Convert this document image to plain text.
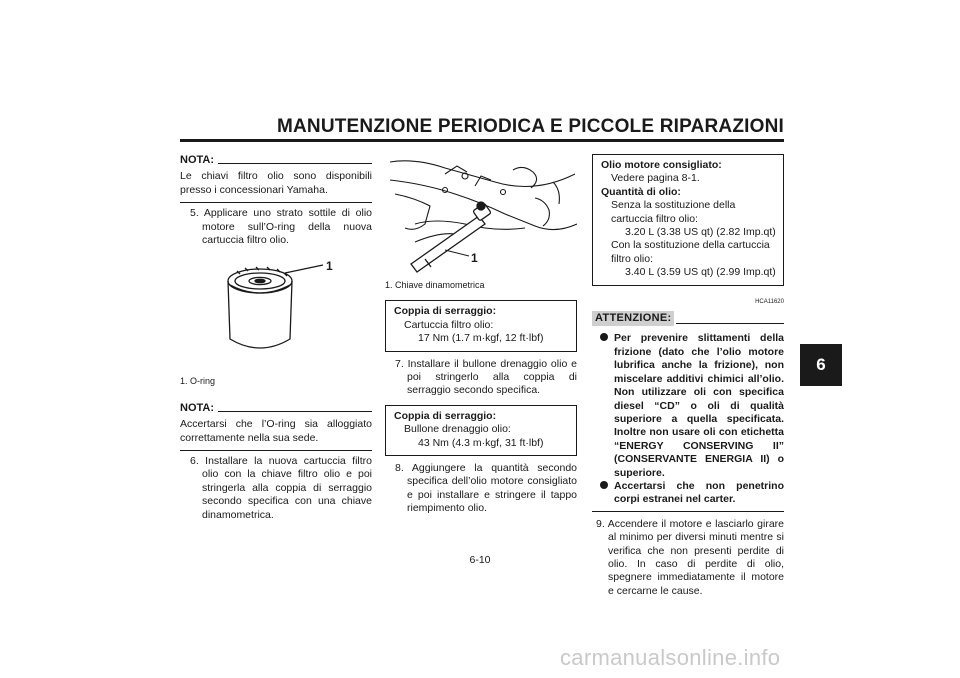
MANUTENZIONE PERIODICA E PICCOLE RIPARAZIONI
6
NOTA:
Le chiavi filtro olio sono disponibili presso i concessionari Yamaha.
5. Applicare uno strato sottile di olio motore sull’O-ring della nuova cartuccia filtro olio.
1
1. O-ring
NOTA:
Accertarsi che l’O-ring sia alloggiato correttamente nella sua sede.
6. Installare la nuova cartuccia filtro olio con la chiave filtro olio e poi stringerla alla coppia di serraggio secondo specifica con una chiave dinamometrica.
1
1. Chiave dinamometrica
Coppia di serraggio:
Cartuccia filtro olio:
17 Nm (1.7 m·kgf, 12 ft·lbf)
7. Installare il bullone drenaggio olio e poi stringerlo alla coppia di serraggio secondo specifica.
Coppia di serraggio:
Bullone drenaggio olio:
43 Nm (4.3 m·kgf, 31 ft·lbf)
8. Aggiungere la quantità secondo specifica dell’olio motore consigliato e poi installare e stringere il tappo riempimento olio.
Olio motore consigliato:
Vedere pagina 8-1.
Quantità di olio:
Senza la sostituzione della cartuccia filtro olio:
3.20 L (3.38 US qt) (2.82 Imp.qt)
Con la sostituzione della cartuccia filtro olio:
3.40 L (3.59 US qt) (2.99 Imp.qt)
HCA11620
ATTENZIONE:
Per prevenire slittamenti della frizione (dato che l’olio motore lubrifica anche la frizione), non miscelare additivi chimici all’olio. Non utilizzare oli con specifica diesel “CD” o oli di qualità superiore a quella specificata. Inoltre non usare oli con etichetta “ENERGY CONSERVING II” (CONSERVANTE ENERGIA II) o superiore.
Accertarsi che non penetrino corpi estranei nel carter.
9. Accendere il motore e lasciarlo girare al minimo per diversi minuti mentre si verifica che non presenti perdite di olio. In caso di perdite di olio, spegnere immediatamente il motore e cercarne le cause.
6-10
carmanualsonline.info
